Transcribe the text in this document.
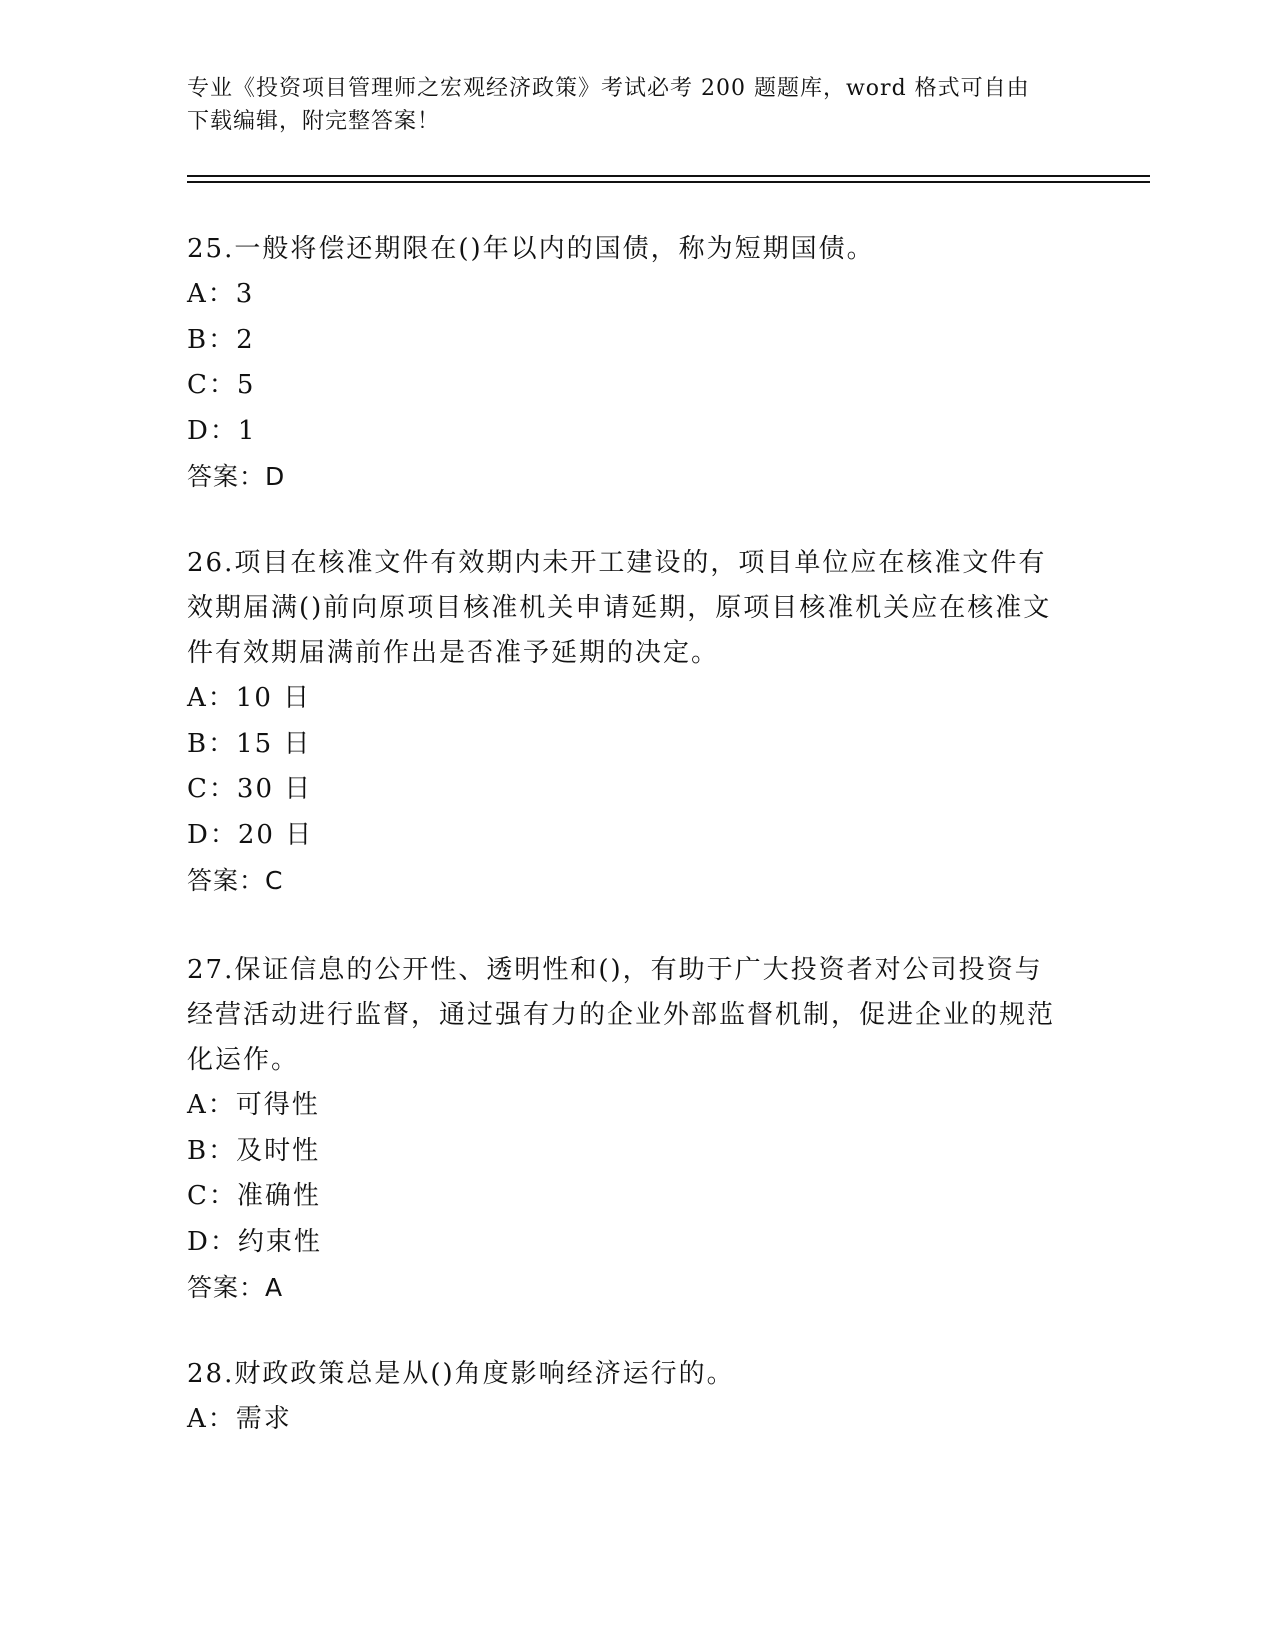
专业《投资项目管理师之宏观经济政策》考试必考 200 题题库，word 格式可自由
下载编辑，附完整答案！

25.一般将偿还期限在()年以内的国债，称为短期国债。

A：3

B：2

C：5

D：1

答案：D

26.项目在核准文件有效期内未开工建设的，项目单位应在核准文件有效期届满()前向原项目核准机关申请延期，原项目核准机关应在核准文件有效期届满前作出是否准予延期的决定。

A：10 日

B：15 日

C：30 日

D：20 日

答案：C

27.保证信息的公开性、透明性和()，有助于广大投资者对公司投资与经营活动进行监督，通过强有力的企业外部监督机制，促进企业的规范化运作。

A：可得性

B：及时性

C：准确性

D：约束性

答案：A

28.财政政策总是从()角度影响经济运行的。

A：需求
